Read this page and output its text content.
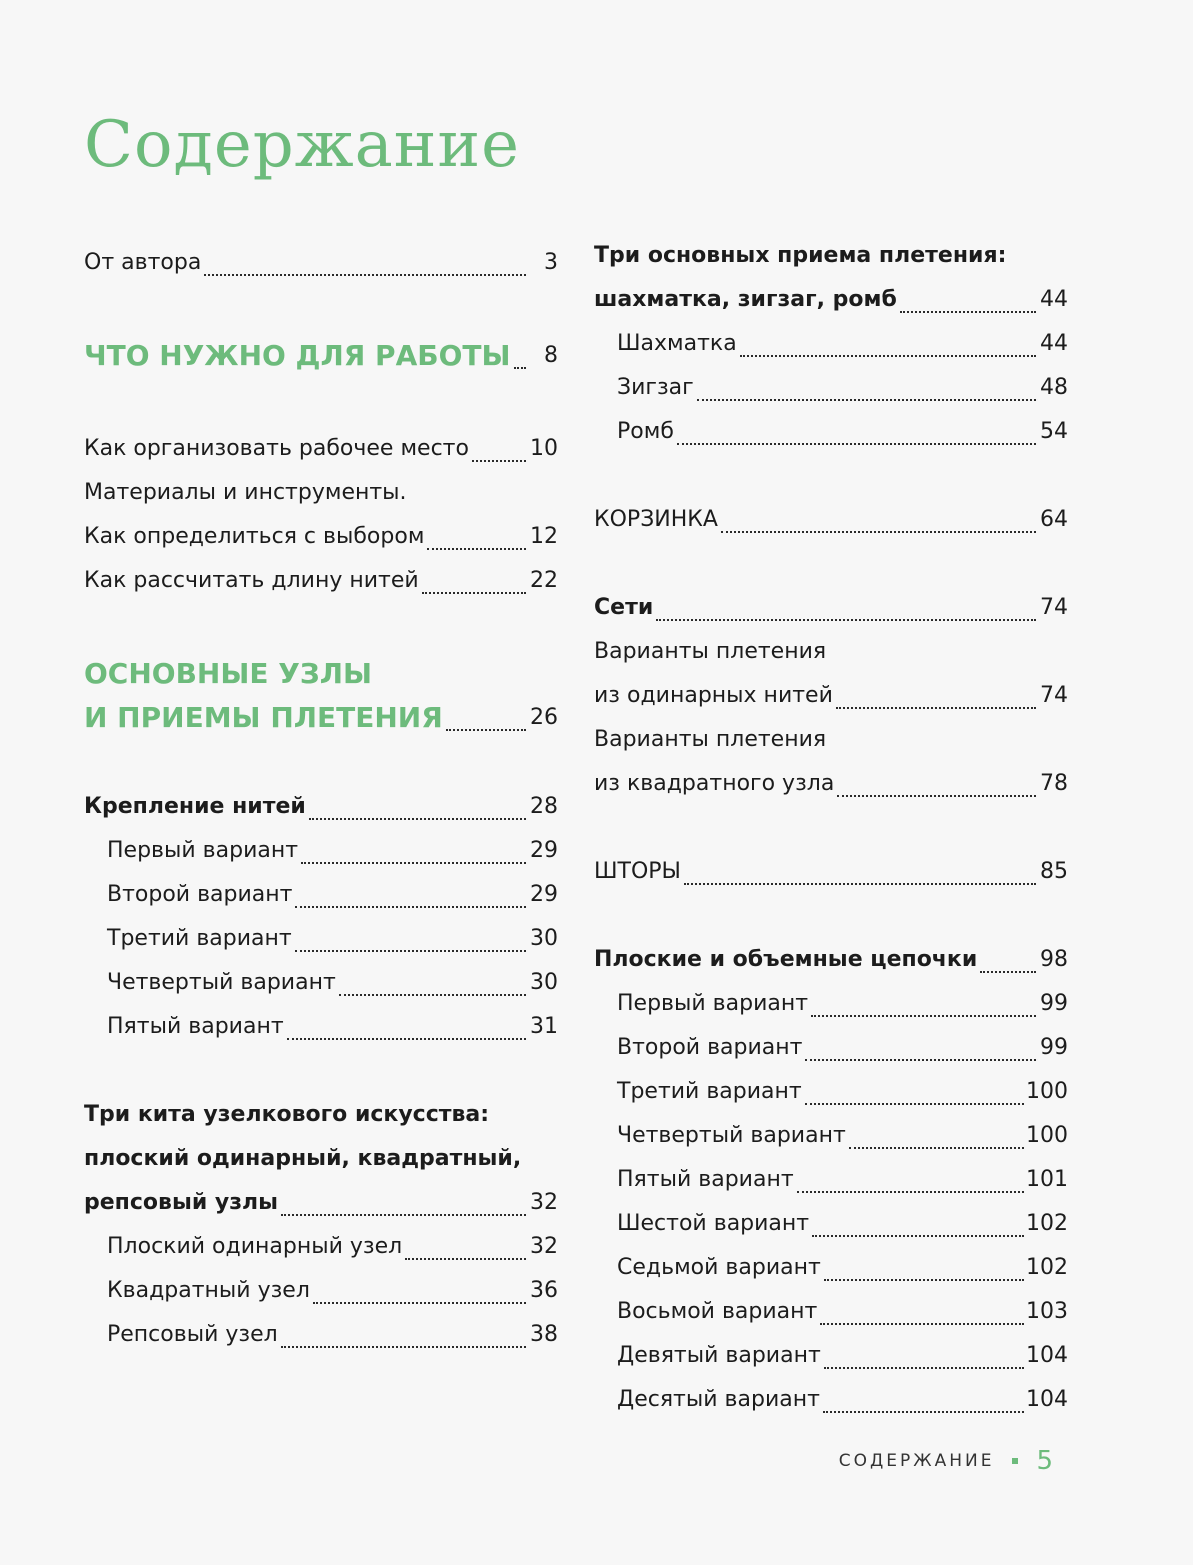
Содержание
От автора	3
ЧТО НУЖНО ДЛЯ РАБОТЫ	8
Как организовать рабочее место	10
Материалы и инструменты.
Как определиться с выбором	12
Как рассчитать длину нитей	22
ОСНОВНЫЕ УЗЛЫ
И ПРИЕМЫ ПЛЕТЕНИЯ	26
Крепление нитей	28
Первый вариант	29
Второй вариант	29
Третий вариант	30
Четвертый вариант	30
Пятый вариант	31
Три кита узелкового искусства:
плоский одинарный, квадратный,
репсовый узлы	32
Плоский одинарный узел	32
Квадратный узел	36
Репсовый узел	38
Три основных приема плетения:
шахматка, зигзаг, ромб	44
Шахматка	44
Зигзаг	48
Ромб	54
КОРЗИНКА	64
Сети	74
Варианты плетения
из одинарных нитей	74
Варианты плетения
из квадратного узла	78
ШТОРЫ	85
Плоские и объемные цепочки	98
Первый вариант	99
Второй вариант	99
Третий вариант	100
Четвертый вариант	100
Пятый вариант	101
Шестой вариант	102
Седьмой вариант	102
Восьмой вариант	103
Девятый вариант	104
Десятый вариант	104
СОДЕРЖАНИЕ 5
